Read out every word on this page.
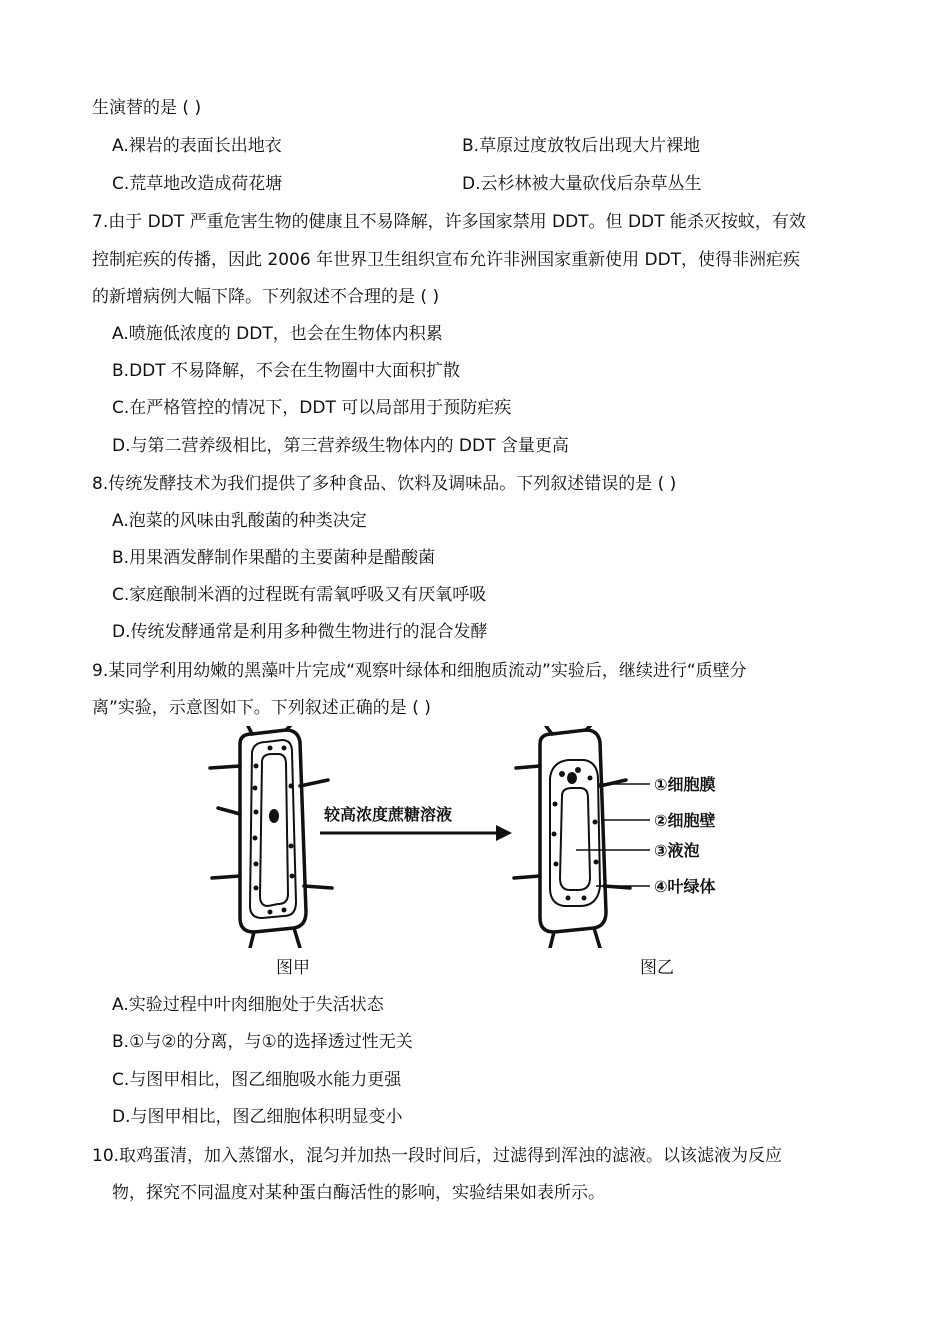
生演替的是 ( )
A.裸岩的表面长出地衣	B.草原过度放牧后出现大片裸地
C.荒草地改造成荷花塘	D.云杉林被大量砍伐后杂草丛生
7.由于 DDT 严重危害生物的健康且不易降解，许多国家禁用 DDT。但 DDT 能杀灭按蚊，有效
控制疟疾的传播，因此 2006 年世界卫生组织宣布允许非洲国家重新使用 DDT，使得非洲疟疾
的新增病例大幅下降。下列叙述不合理的是 ( )
A.喷施低浓度的 DDT，也会在生物体内积累
B.DDT 不易降解，不会在生物圈中大面积扩散
C.在严格管控的情况下，DDT 可以局部用于预防疟疾
D.与第二营养级相比，第三营养级生物体内的 DDT 含量更高
8.传统发酵技术为我们提供了多种食品、饮料及调味品。下列叙述错误的是 ( )
A.泡菜的风味由乳酸菌的种类决定
B.用果酒发酵制作果醋的主要菌种是醋酸菌
C.家庭酿制米酒的过程既有需氧呼吸又有厌氧呼吸
D.传统发酵通常是利用多种微生物进行的混合发酵
9.某同学利用幼嫩的黑藻叶片完成“观察叶绿体和细胞质流动”实验后，继续进行“质壁分
离”实验，示意图如下。下列叙述正确的是 ( )
较高浓度蔗糖溶液
①细胞膜
②细胞壁
③液泡
④叶绿体
图甲	图乙
A.实验过程中叶肉细胞处于失活状态
B.①与②的分离，与①的选择透过性无关
C.与图甲相比，图乙细胞吸水能力更强
D.与图甲相比，图乙细胞体积明显变小
10.取鸡蛋清，加入蒸馏水，混匀并加热一段时间后，过滤得到浑浊的滤液。以该滤液为反应
物，探究不同温度对某种蛋白酶活性的影响，实验结果如表所示。
